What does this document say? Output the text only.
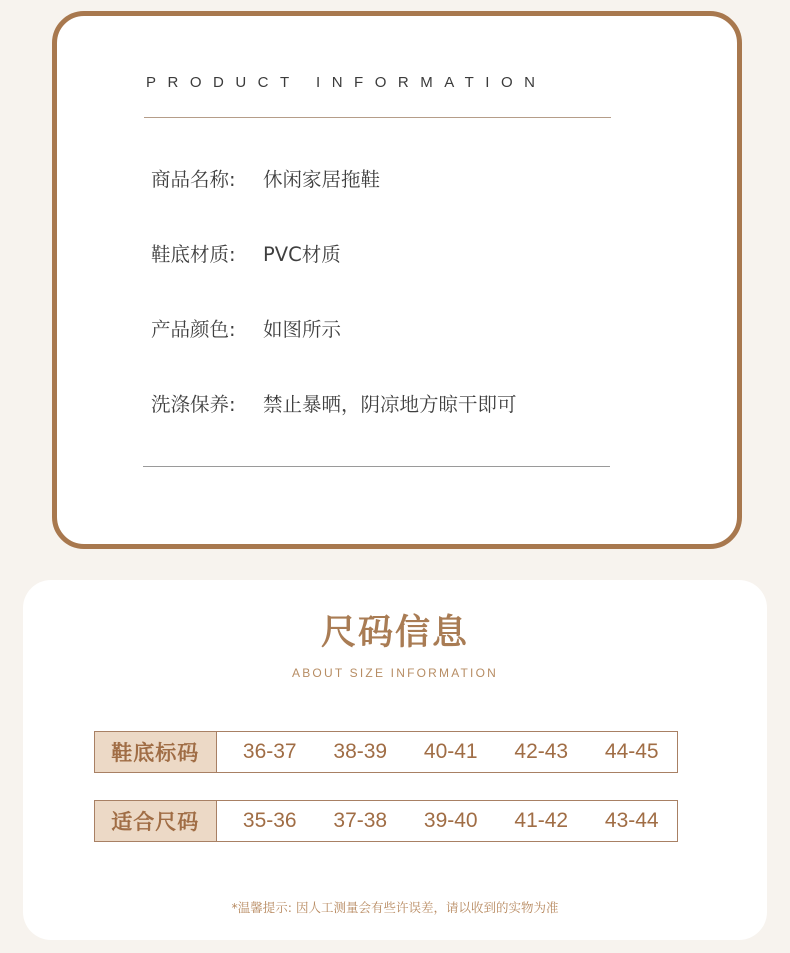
PRODUCT INFORMATION
商品名称: 休闲家居拖鞋
鞋底材质: PVC材质
产品颜色: 如图所示
洗涤保养: 禁止暴晒，阴凉地方晾干即可
尺码信息
ABOUT SIZE INFORMATION
鞋底标码	36-37	38-39	40-41	42-43	44-45
适合尺码	35-36	37-38	39-40	41-42	43-44
*温馨提示: 因人工测量会有些许误差，请以收到的实物为准
